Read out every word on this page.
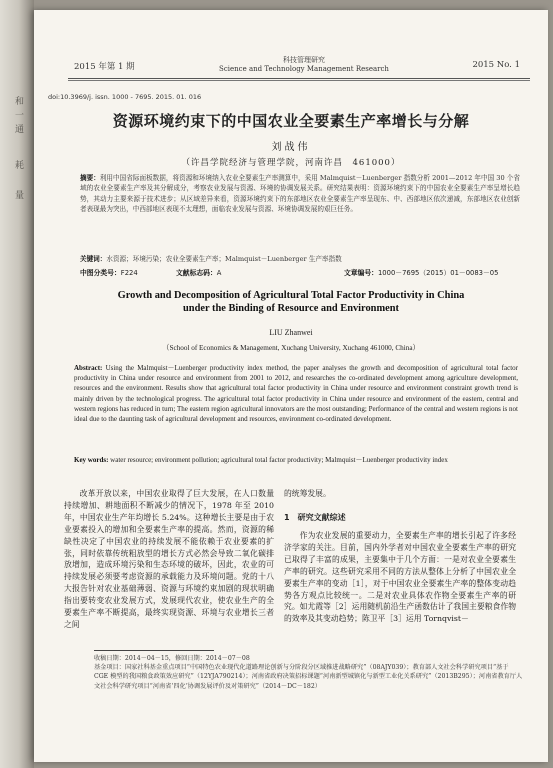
和
一
通
耗
量
2015 年第 1 期
科技管理研究
Science and Technology Management Research	2015 No. 1
doi:10.3969/j. issn. 1000 - 7695. 2015. 01. 016
资源环境约束下的中国农业全要素生产率增长与分解
刘战伟
（许昌学院经济与管理学院，河南许昌　461000）
摘要：利用中国省际面板数据，将资源和环境纳入农业全要素生产率测算中，采用 Malmquist－Luenberger 指数分析 2001—2012 年中国 30 个省域的农业全要素生产率及其分解成分，考察农业发展与资源、环境的协调发展关系。研究结果表明：资源环境约束下的中国农业全要素生产率呈增长趋势，其动力主要来源于技术进步；从区域差异来看，资源环境约束下的东部地区农业全要素生产率呈现东、中、西部地区依次递减，东部地区农业创新者表现最为突出，中西部地区表现不太理想，面临农业发展与资源、环境协调发展的艰巨任务。
关键词：水资源；环境污染；农业全要素生产率；Malmquist－Luenberger 生产率指数
中图分类号：F224	文献标志码：A	文章编号：1000－7695（2015）01－0083－05
Growth and Decomposition of Agricultural Total Factor Productivity in China
under the Binding of Resource and Environment
LIU Zhanwei
（School of Economics & Management, Xuchang University, Xuchang 461000, China）
Abstract: Using the Malmquist－Luenberger productivity index method, the paper analyses the growth and decomposition of agricultural total factor productivity in China under resource and environment from 2001 to 2012, and researches the co-ordinated development among agriculture development, resources and the environment. Results show that agricultural total factor productivity in China under resource and environment constraint growth trend is mainly driven by the technological progress. The agricultural total factor productivity in China under resource and environment of the eastern, central and western regions has reduced in turn; The eastern region agricultural innovators are the most outstanding; Performance of the central and western regions is not ideal due to the daunting task of agricultural development and resources, environment co-ordinated development.
Key words: water resource; environment pollution; agricultural total factor productivity; Malmquist－Luenberger productivity index
改革开放以来，中国农业取得了巨大发展，在人口数量持续增加、耕地面积不断减少的情况下，1978 年至 2010 年，中国农业生产年均增长 5.24%。这种增长主要是由于农业要素投入的增加和全要素生产率的提高。然而，资源的稀缺性决定了中国农业的持续发展不能依赖于农业要素的扩张，同时依靠传统粗放型的增长方式必然会导致二氧化碳排放增加，造成环境污染和生态环境的破坏，因此，农业的可持续发展必须要考虑资源的承载能力及环境问题。党的十八大报告针对农业基础薄弱、资源与环境约束加剧的现状明确指出要转变农业发展方式，发展现代农业，使农业生产的全要素生产率不断提高，最终实现资源、环境与农业增长三者之间
的统筹发展。
1　研究文献综述
作为农业发展的重要动力，全要素生产率的增长引起了许多经济学家的关注。目前，国内外学者对中国农业全要素生产率的研究已取得了丰富的成果，主要集中于几个方面：一是对农业全要素生产率的研究。这些研究采用不同的方法从整体上分析了中国农业全要素生产率的变动［1］，对于中国农业全要素生产率的整体变动趋势各方观点比较统一。二是对农业具体农作物全要素生产率的研究。如尤霞等［2］运用随机前沿生产函数估计了我国主要粮食作物的效率及其变动趋势；陈卫平［3］运用 Tornqvist－
收稿日期：2014－04－15，修回日期：2014－07－08
基金项目：国家社科基金重点项目“中国特色农业现代化道路理论创新与分阶段分区域推进战略研究”（08AJY039）；教育部人文社会科学研究项目“基于 CGE 模型的我国粮食政策效应研究”（12YJA790214）；河南省政府决策招标课题“河南新型城镇化与新型工业化关系研究”（2013B295）；河南省教育厅人文社会科学研究项目“河南省‘四化’协调发展评价及对策研究”（2014－DC－182）
